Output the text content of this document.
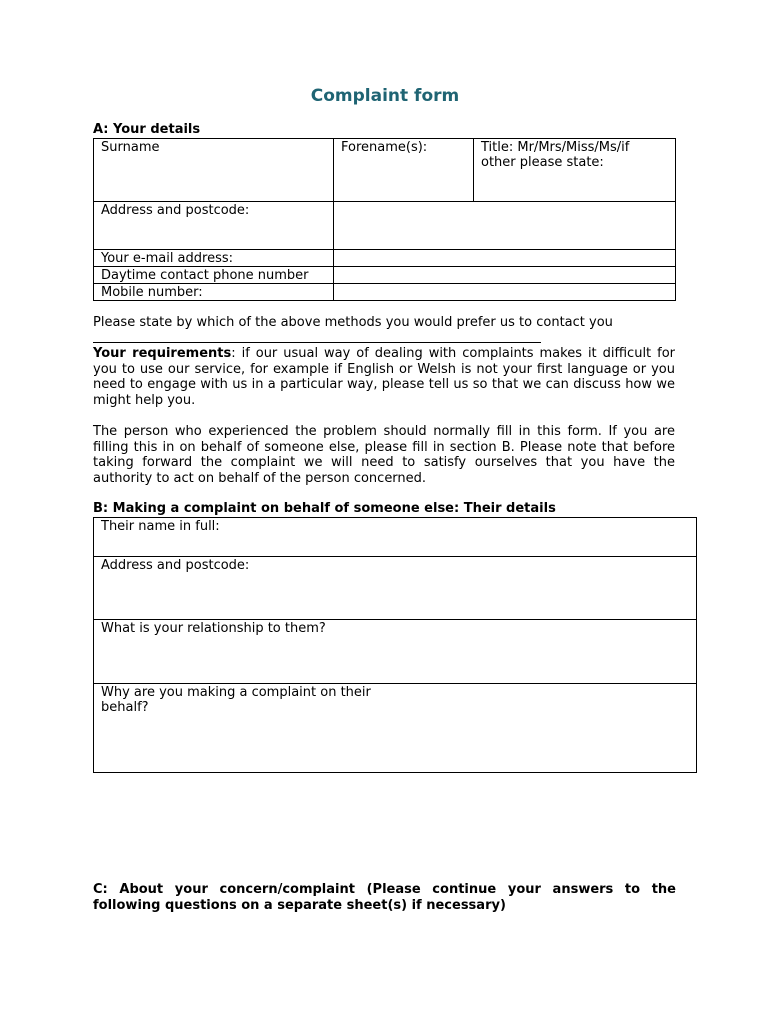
Complaint form
A: Your details
Surname	Forename(s):	Title: Mr/Mrs/Miss/Ms/if other please state:
Address and postcode:		
Your e-mail address:		
Daytime contact phone number		
Mobile number:		
Please state by which of the above methods you would prefer us to contact you
Your requirements: if our usual way of dealing with complaints makes it difficult for you to use our service, for example if English or Welsh is not your first language or you need to engage with us in a particular way, please tell us so that we can discuss how we might help you.
The person who experienced the problem should normally fill in this form. If you are filling this in on behalf of someone else, please fill in section B. Please note that before taking forward the complaint we will need to satisfy ourselves that you have the authority to act on behalf of the person concerned.
B: Making a complaint on behalf of someone else: Their details
Their name in full:
Address and postcode:
What is your relationship to them?

Why are you making a complaint on their behalf?
C: About your concern/complaint (Please continue your answers to the following questions on a separate sheet(s) if necessary)
